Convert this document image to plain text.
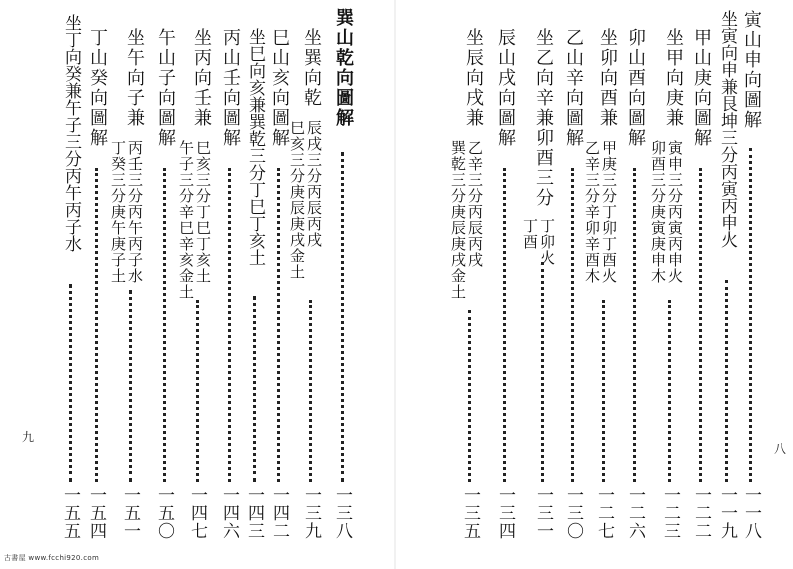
巽山乾向圖解
一三八
坐巽向乾
辰戌三分丙辰丙戌
巳亥三分庚辰庚戌金土
一三九
巳山亥向圖解
一四二
坐巳向亥兼巽乾三分丁巳丁亥土
一四三
丙山壬向圖解
一四六
坐丙向壬兼
巳亥三分丁巳丁亥土
午子三分辛巳辛亥金土
一四七
午山子向圖解
一五〇
坐午向子兼
丙壬三分丙午丙子水
丁癸三分庚午庚子土
一五一
丁山癸向圖解
一五四
坐丁向癸兼午子三分丙午丙子水
一五五
九
寅山申向圖解
一一八
坐寅向申兼艮坤三分丙寅丙申火
一一九
甲山庚向圖解
一二二
坐甲向庚兼
寅申三分丙寅丙申火
卯酉三分庚寅庚申木
一二三
卯山酉向圖解
一二六
坐卯向酉兼
甲庚三分丁卯丁酉火
乙辛三分辛卯辛酉木
一二七
乙山辛向圖解
一三〇
坐乙向辛兼卯酉三分
丁卯火
丁酉
一三一
辰山戌向圖解
一三四
坐辰向戌兼
乙辛三分丙辰丙戌
巽乾三分庚辰庚戌金土
一三五
八
古書屋 www.fcchi920.com
